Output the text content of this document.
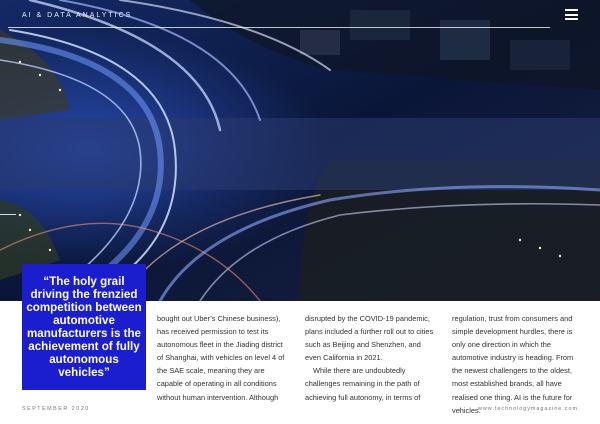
AI & DATA ANALYTICS
“The holy grail driving the frenzied competition between automotive manufacturers is the achievement of fully autonomous vehicles”

bought out Uber’s Chinese business), has received permission to test its autonomous fleet in the Jiading district of Shanghai, with vehicles on level 4 of the SAE scale, meaning they are capable of operating in all conditions without human intervention. Although

disrupted by the COVID-19 pandemic, plans included a further roll out to cities such as Beijing and Shenzhen, and even California in 2021.

While there are undoubtedly challenges remaining in the path of achieving full autonomy, in terms of

regulation, trust from consumers and simple development hurdles, there is only one direction in which the automotive industry is heading. From the newest challengers to the oldest, most established brands, all have realised one thing. AI is the future for vehicles.

SEPTEMBER 2020	www.technologymagazine.com
